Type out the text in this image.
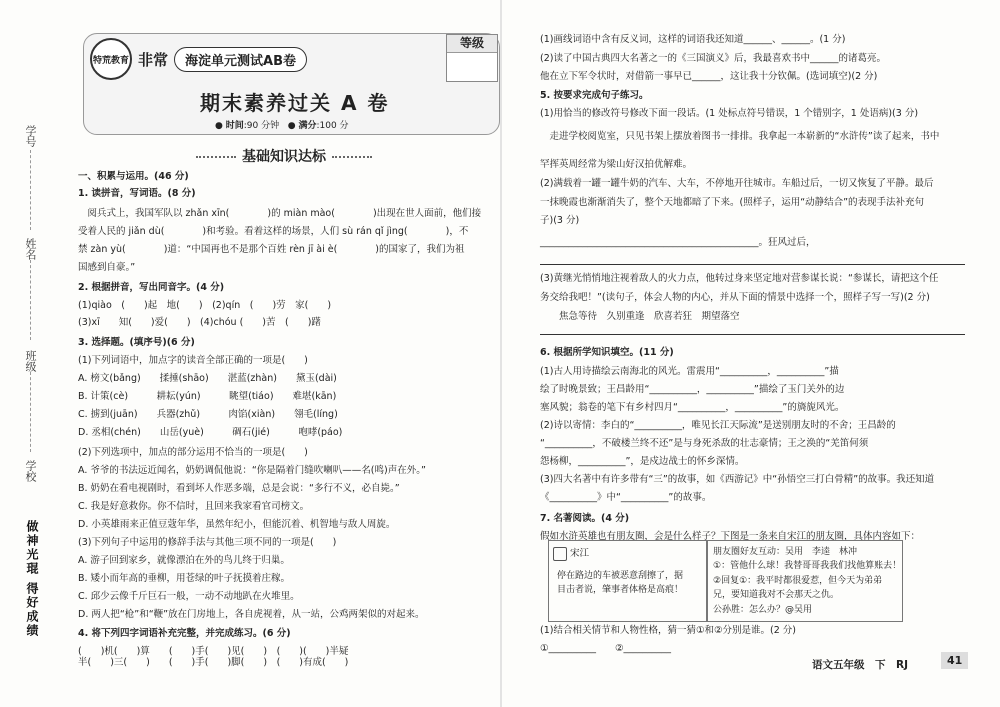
学号
姓名
班级
学校
做神光琨 得好成绩
特荒教育 非常	海淀单元测试AB卷
等级
期末素养过关 A 卷
● 时间:90 分钟 ● 满分:100 分
基础知识达标
一、积累与运用。(46 分)
1. 读拼音，写词语。(8 分)
　阅兵式上，我国军队以 zhǎn xīn(　　　　)的 miàn mào(　　　　)出现在世人面前，他们接
受着人民的 jiǎn dù(　　　　)和考验。看着这样的场景，人们 sù rán qǐ jìng(　　　　)，不
禁 zàn yù(　　　　)道：“中国再也不是那个百姓 rèn jī ài è(　　　　)的国家了，我们为祖
国感到自豪。”
2. 根据拼音，写出同音字。(4 分)
(1)qiào　(　　)起　地(　　)　(2)qín　(　　)劳　家(　　)
(3)xī　　知(　　)爱(　　)　(4)chóu (　　)苦　(　　)躇
3. 选择题。(填序号)(6 分)
(1)下列词语中，加点字的读音全部正确的一项是(　　)
A. 榜文(bǎng)　　揉捶(shāo)　　湛蓝(zhàn)　　黛玉(dài)
B. 计策(cè)　　　耕耘(yún)　　　眺望(tiáo)　　难堪(kān)
C. 掳到(juān)　　兵器(zhǔ)　　　肉馅(xiàn)　　翎毛(líng)
D. 丞相(chén)　　山岳(yuè)　　　碉石(jié)　　　咆哮(páo)
(2)下列选项中，加点的部分运用不恰当的一项是(　　)
A. 爷爷的书法远近闻名，奶奶调侃他说：“你是隔着门缝吹喇叭——名(鸣)声在外。”
B. 奶奶在看电视剧时，看到坏人作恶多端，总是会说：“多行不义，必自毙。”
C. 我是好意救你。你不信时，且回来我家看官司榜文。
D. 小英雄雨来正值豆蔻年华，虽然年纪小，但能沉着、机智地与敌人周旋。
(3)下列句子中运用的修辞手法与其他三项不同的一项是(　　)
A. 游子回到家乡，就像漂泊在外的鸟儿终于归巢。
B. 矮小而年高的垂柳，用苍绿的叶子抚摸着庄稼。
C. 邱少云像千斤巨石一般，一动不动地趴在火堆里。
D. 两人把“枪”和“鞭”放在门房地上，各自虎视着，从一站，公鸡两架似的对起来。
4. 将下列四字词语补充完整，并完成练习。(6 分)
(　　)机(　　)算　　(　　)手(　　)见(　　)　(　　)(　　)半疑
半(　　)三(　　)　　(　　)手(　　)脚(　　)　(　　)有成(　　)
(1)画线词语中含有反义词，这样的词语我还知道______、______。(1 分)
(2)读了中国古典四大名著之一的《三国演义》后，我最喜欢书中______的诸葛亮。
他在立下军令状时，对借箭一事早已______，这让我十分钦佩。(选词填空)(2 分)
5. 按要求完成句子练习。
(1)用恰当的修改符号修改下面一段话。(1 处标点符号错误，1 个错别字，1 处语病)(3 分)
　走进学校阅览室，只见书架上摆放着图书一排排。我拿起一本崭新的“水浒传”读了起来，书中
罕挥英周经常为梁山好汉拍优解难。
(2)满载着一罐一罐牛奶的汽车、大车，不停地开往城市。车船过后，一切又恢复了平静。最后
一抹晚霞也渐渐消失了，整个天地都暗了下来。(照样子，运用“动静结合”的表现手法补充句
子)(3 分)
______________________________________________。狂风过后，
(3)黄继光悄悄地注视着敌人的火力点，他转过身来坚定地对营参谋长说：“参谋长，请把这个任
务交给我吧！”(读句子，体会人物的内心，并从下面的情景中选择一个，照样子写一写)(2 分)
　　焦急等待　久别重逢　欣喜若狂　期望落空
6. 根据所学知识填空。(11 分)
(1)古人用诗描绘云南海北的风光。雷震用“__________，__________”描
绘了时晚景致；王昌龄用“__________，__________”描绘了玉门关外的边
塞风貌；翁卷的笔下有乡村四月“__________，__________”的旖旎风光。
(2)诗以寄情：李白的“__________，唯见长江天际流”是送别朋友时的不舍；王昌龄的
“__________，不破楼兰终不还”是与身死杀敌的壮志豪情；王之涣的“羌笛何须
怨杨柳，__________”，是戍边战士的怀乡深情。
(3)四大名著中有许多带有“三”的故事，如《西游记》中“孙悟空三打白骨精”的故事。我还知道
《__________》中“__________”的故事。
7. 名著阅读。(4 分)
假如水浒英雄也有朋友圈，会是什么样子？下图是一条来自宋江的朋友圈，具体内容如下：
(1)结合相关情节和人物性格，猜一猜①和②分别是谁。(2 分)
①__________　　②__________
宋江
停在路边的车被恶意刮擦了，据
目击者说，肇事者体格是高痕！
朋友圈好友互动：吴用　李逵　林冲
①：管他什么球！我替哥哥我我们找他算账去！
②回复①：我平时都很爱惹，但今天为弟弟
兄，要知道我对不会那天之仇。
公孙胜：怎么办？@吴用
语文五年级　下　RJ	41
